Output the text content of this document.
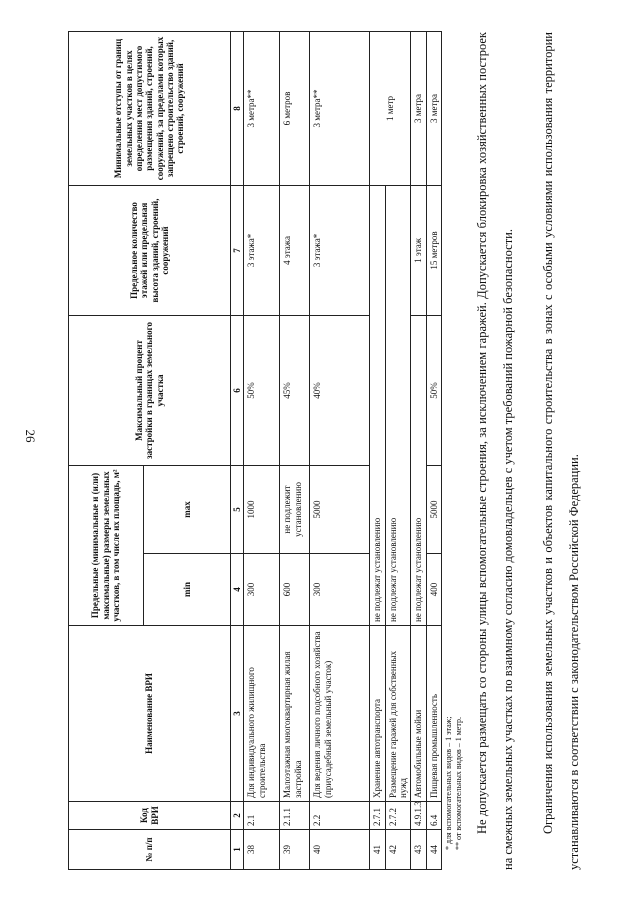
26
№ п/п	Код ВРИ	Наименование ВРИ	Предельные (минимальные и (или) максимальные) размеры земельных участков, в том числе их площадь, м²		Максимальный процент застройки в границах земельного участка	Предельное количество этажей или предельная высота зданий, строений, сооружений	Минимальные отступы от границ земельных участков в целях определения мест допустимого размещения зданий, строений, сооружений, за пределами которых запрещено строительство зданий, строений, сооружений
			min	max			
1	2	3	4	5	6	7	8
38	2.1	Для индивидуального жилищного строительства	300	1000	50%	3 этажа*	3 метра**
39	2.1.1	Малоэтажная многоквартирная жилая застройка	600	не подлежит установлению	45%	4 этажа	6 метров
40	2.2	Для ведения личного подсобного хозяйства (приусадебный земельный участок)	300	5000	40%	3 этажа*	3 метра**
41	2.7.1	Хранение автотранспорта	не подлежат установлению				1 метр
42	2.7.2	Размещение гаражей для собственных нужд	не подлежат установлению				
43	4.9.1.3	Автомобильные мойки	не подлежат установлению			1 этаж	3 метра
44	6.4	Пищевая промышленность	400	5000	50%	15 метров	3 метра
* для вспомогательных видов – 1 этаж; ** от вспомогательных видов – 1 метр. Не допускается размещать со стороны улицы вспомогательные строения, за исключением гаражей. Допускается блокировка хозяйственных построек на смежных земельных участках по взаимному согласию домовладельцев с учетом требований пожарной безопасности.	Ограничения использования земельных участков и объектов капитального строительства в зонах с особыми условиями использования территории устанавливаются в соответствии с законодательством Российской Федерации.
